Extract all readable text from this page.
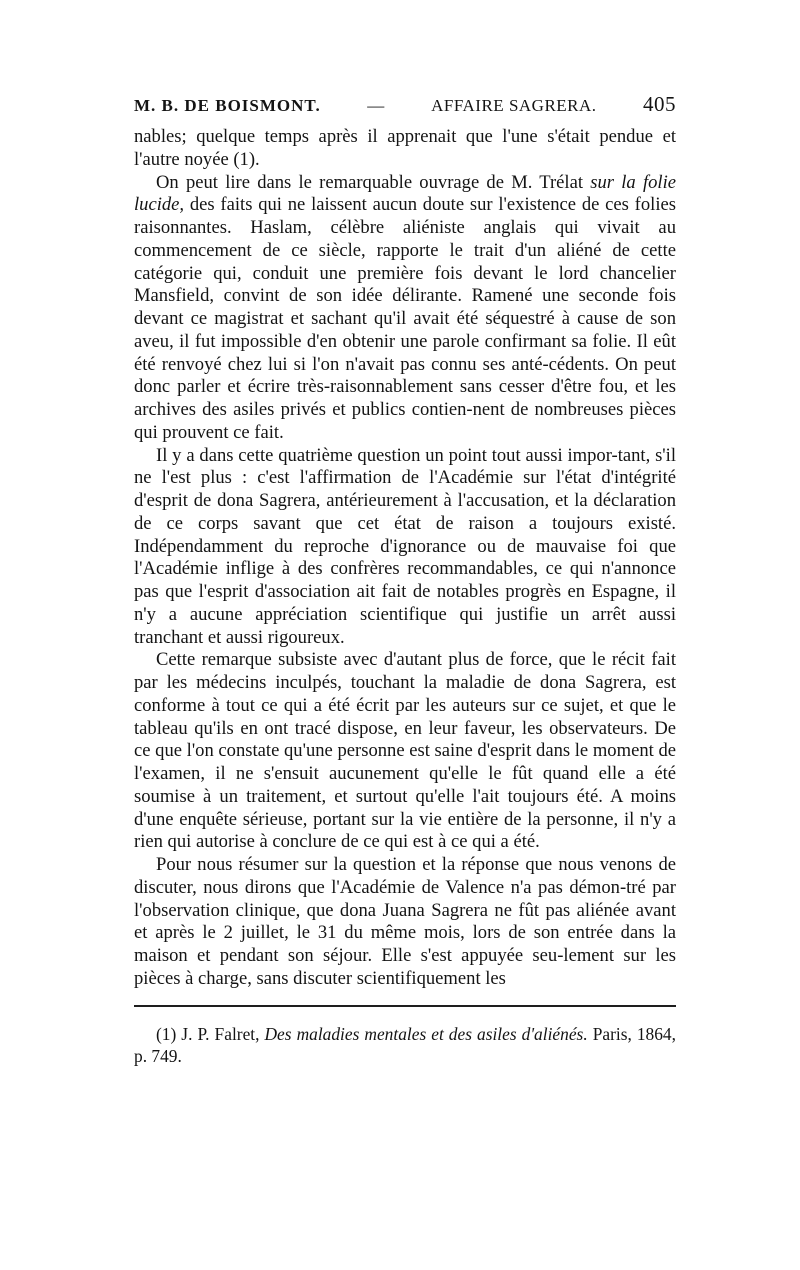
M. B. DE BOISMONT.	—	AFFAIRE SAGRERA. 405

nables; quelque temps après il apprenait que l'une s'était pendue et l'autre noyée (1).

On peut lire dans le remarquable ouvrage de M. Trélat sur la folie lucide, des faits qui ne laissent aucun doute sur l'existence de ces folies raisonnantes. Haslam, célèbre aliéniste anglais qui vivait au commencement de ce siècle, rapporte le trait d'un aliéné de cette catégorie qui, conduit une première fois devant le lord chancelier Mansfield, convint de son idée délirante. Ramené une seconde fois devant ce magistrat et sachant qu'il avait été séquestré à cause de son aveu, il fut impossible d'en obtenir une parole confirmant sa folie. Il eût été renvoyé chez lui si l'on n'avait pas connu ses anté-cédents. On peut donc parler et écrire très-raisonnablement sans cesser d'être fou, et les archives des asiles privés et publics contien-nent de nombreuses pièces qui prouvent ce fait.

Il y a dans cette quatrième question un point tout aussi impor-tant, s'il ne l'est plus : c'est l'affirmation de l'Académie sur l'état d'intégrité d'esprit de dona Sagrera, antérieurement à l'accusation, et la déclaration de ce corps savant que cet état de raison a toujours existé. Indépendamment du reproche d'ignorance ou de mauvaise foi que l'Académie inflige à des confrères recommandables, ce qui n'annonce pas que l'esprit d'association ait fait de notables progrès en Espagne, il n'y a aucune appréciation scientifique qui justifie un arrêt aussi tranchant et aussi rigoureux.

Cette remarque subsiste avec d'autant plus de force, que le récit fait par les médecins inculpés, touchant la maladie de dona Sagrera, est conforme à tout ce qui a été écrit par les auteurs sur ce sujet, et que le tableau qu'ils en ont tracé dispose, en leur faveur, les observateurs. De ce que l'on constate qu'une personne est saine d'esprit dans le moment de l'examen, il ne s'ensuit aucunement qu'elle le fût quand elle a été soumise à un traitement, et surtout qu'elle l'ait toujours été. A moins d'une enquête sérieuse, portant sur la vie entière de la personne, il n'y a rien qui autorise à conclure de ce qui est à ce qui a été.

Pour nous résumer sur la question et la réponse que nous venons de discuter, nous dirons que l'Académie de Valence n'a pas démon-tré par l'observation clinique, que dona Juana Sagrera ne fût pas aliénée avant et après le 2 juillet, le 31 du même mois, lors de son entrée dans la maison et pendant son séjour. Elle s'est appuyée seu-lement sur les pièces à charge, sans discuter scientifiquement les

(1) J. P. Falret, Des maladies mentales et des asiles d'aliénés. Paris, 1864, p. 749.
